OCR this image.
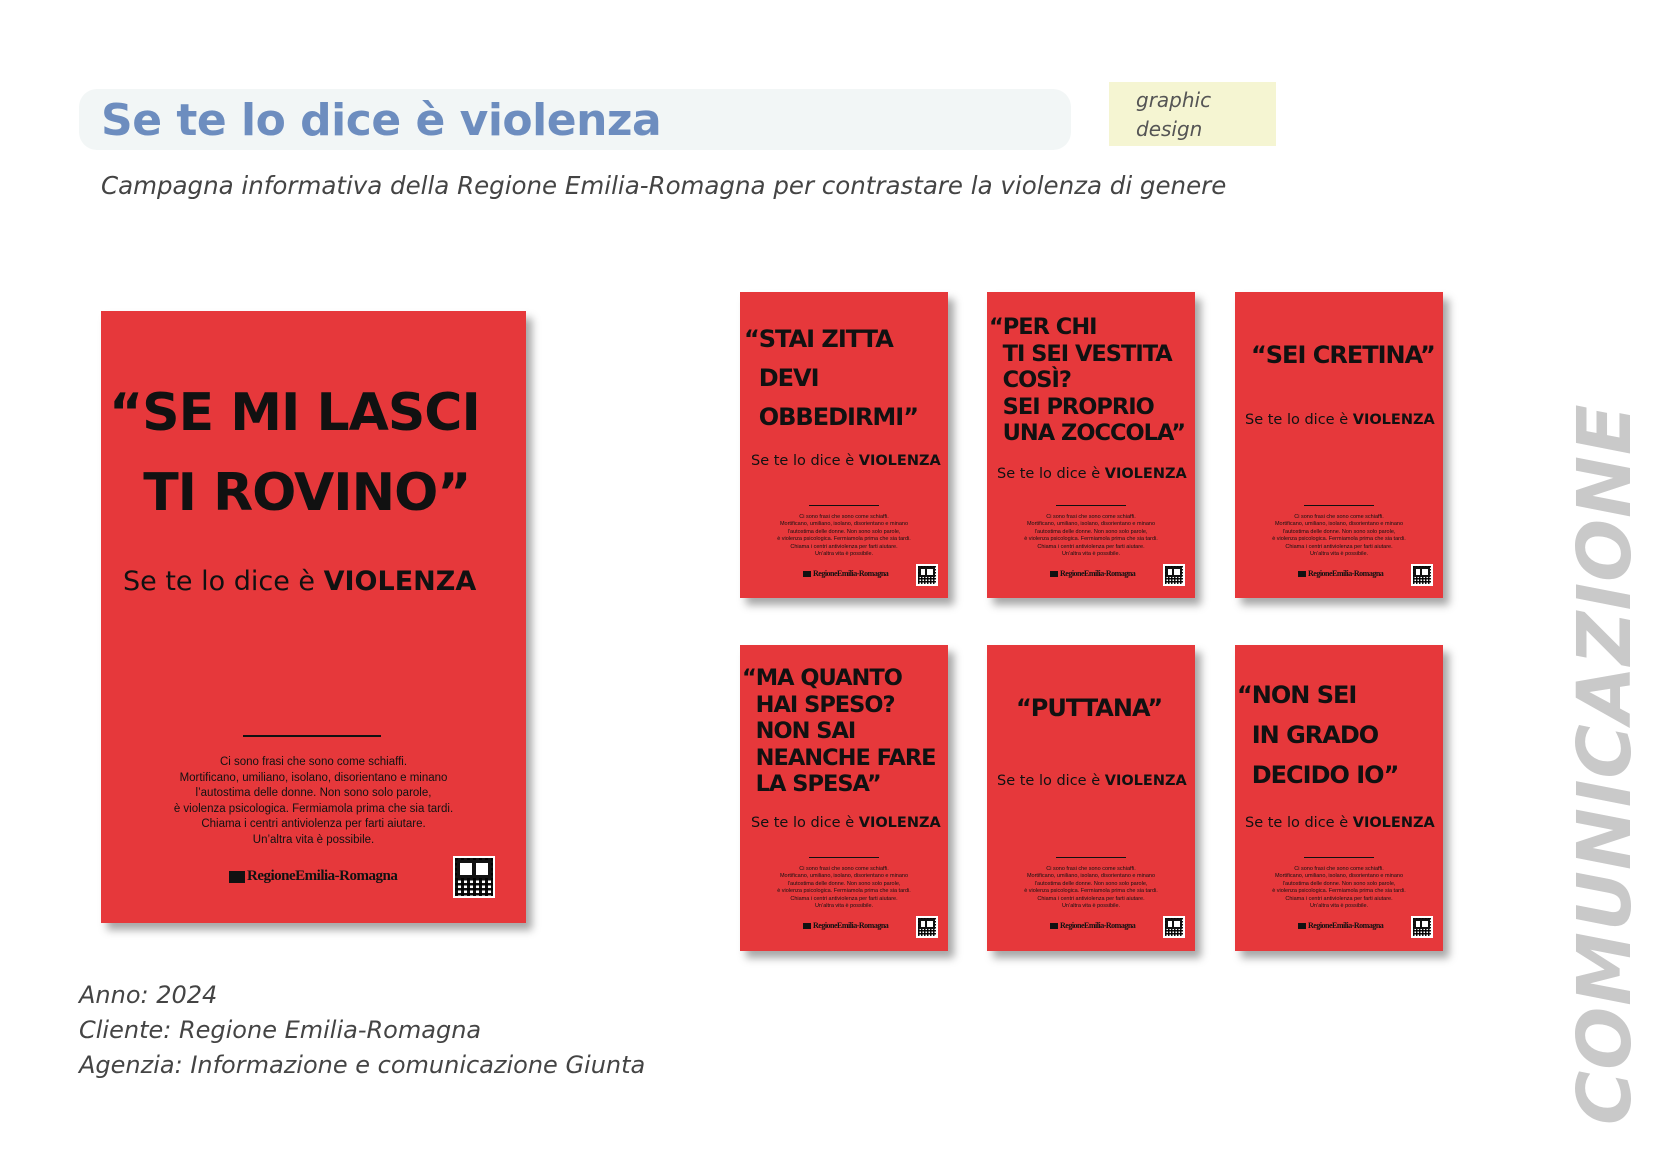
Se te lo dice è violenza	graphic
design
Campagna informativa della Regione Emilia-Romagna per contrastare la violenza di genere
“SE MI LASCI
TI ROVINO”
Se te lo dice è VIOLENZA
Ci sono frasi che sono come schiaffi.
Mortificano, umiliano, isolano, disorientano e minano
l’autostima delle donne. Non sono solo parole,
è violenza psicologica. Fermiamola prima che sia tardi.
Chiama i centri antiviolenza per farti aiutare.
Un’altra vita è possibile.
RegioneEmilia-Romagna
“STAI ZITTA
DEVI
OBBEDIRMI”
Se te lo dice è VIOLENZA
Ci sono frasi che sono come schiaffi.
Mortificano, umiliano, isolano, disorientano e minano
l’autostima delle donne. Non sono solo parole,
è violenza psicologica. Fermiamola prima che sia tardi.
Chiama i centri antiviolenza per farti aiutare.
Un’altra vita è possibile.
RegioneEmilia-Romagna
“PER CHI
TI SEI VESTITA
COSÌ?
SEI PROPRIO
UNA ZOCCOLA”
Se te lo dice è VIOLENZA
Ci sono frasi che sono come schiaffi.
Mortificano, umiliano, isolano, disorientano e minano
l’autostima delle donne. Non sono solo parole,
è violenza psicologica. Fermiamola prima che sia tardi.
Chiama i centri antiviolenza per farti aiutare.
Un’altra vita è possibile.
RegioneEmilia-Romagna
“SEI CRETINA”
Se te lo dice è VIOLENZA
Ci sono frasi che sono come schiaffi.
Mortificano, umiliano, isolano, disorientano e minano
l’autostima delle donne. Non sono solo parole,
è violenza psicologica. Fermiamola prima che sia tardi.
Chiama i centri antiviolenza per farti aiutare.
Un’altra vita è possibile.
RegioneEmilia-Romagna
“MA QUANTO
HAI SPESO?
NON SAI
NEANCHE FARE
LA SPESA”
Se te lo dice è VIOLENZA
Ci sono frasi che sono come schiaffi.
Mortificano, umiliano, isolano, disorientano e minano
l’autostima delle donne. Non sono solo parole,
è violenza psicologica. Fermiamola prima che sia tardi.
Chiama i centri antiviolenza per farti aiutare.
Un’altra vita è possibile.
RegioneEmilia-Romagna
“PUTTANA”
Se te lo dice è VIOLENZA
Ci sono frasi che sono come schiaffi.
Mortificano, umiliano, isolano, disorientano e minano
l’autostima delle donne. Non sono solo parole,
è violenza psicologica. Fermiamola prima che sia tardi.
Chiama i centri antiviolenza per farti aiutare.
Un’altra vita è possibile.
RegioneEmilia-Romagna
“NON SEI
IN GRADO
DECIDO IO”
Se te lo dice è VIOLENZA
Ci sono frasi che sono come schiaffi.
Mortificano, umiliano, isolano, disorientano e minano
l’autostima delle donne. Non sono solo parole,
è violenza psicologica. Fermiamola prima che sia tardi.
Chiama i centri antiviolenza per farti aiutare.
Un’altra vita è possibile.
RegioneEmilia-Romagna
Anno: 2024
Cliente: Regione Emilia-Romagna
Agenzia: Informazione e comunicazione Giunta	COMUNICAZIONE
